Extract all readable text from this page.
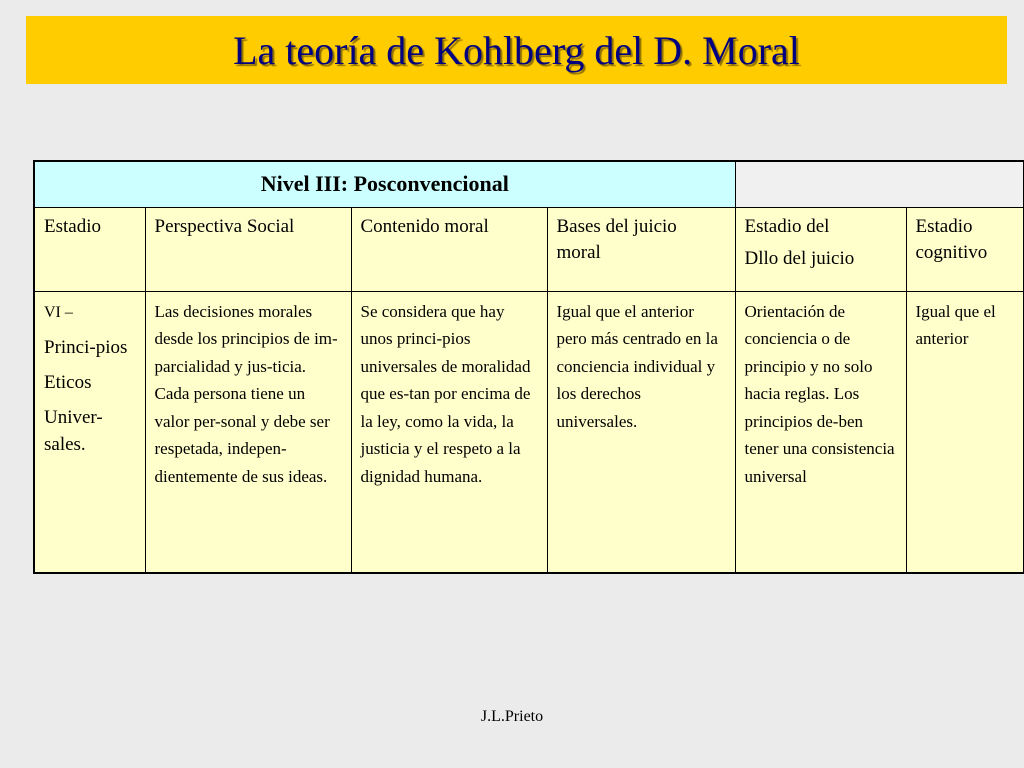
La teoría de Kohlberg del D. Moral
Nivel III: Posconvencional					

Estadio	Perspectiva Social	Contenido moral	Bases del juicio moral	Estadio del
Dllo del juicio	Estadio cognitivo

VI –
Princi-pios
Eticos
Univer-sales.	Las decisiones morales desde los principios de im-parcialidad y jus-ticia. Cada persona tiene un valor per-sonal y debe ser respetada, indepen-dientemente de sus ideas.	Se considera que hay unos princi-pios universales de moralidad que es-tan por encima de la ley, como la vida, la justicia y el respeto a la dignidad humana.	Igual que el anterior pero más centrado en la conciencia individual y los derechos universales.	Orientación de conciencia o de principio y no solo hacia reglas. Los principios de-ben tener una consistencia universal	Igual que el anterior
J.L.Prieto
